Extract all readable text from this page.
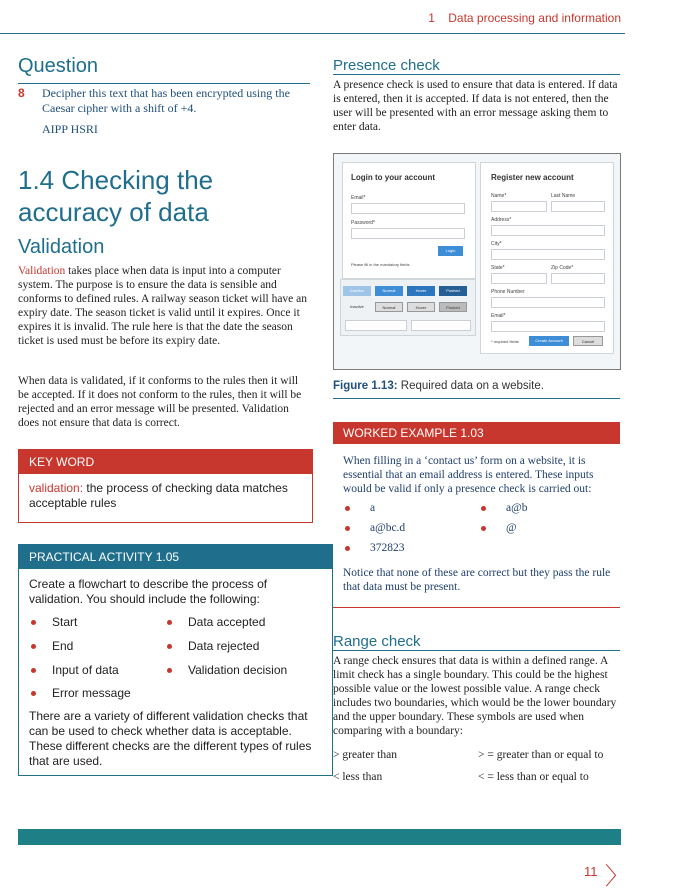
1 Data processing and information
Question
8 Decipher this text that has been encrypted using the Caesar cipher with a shift of +4.
AIPP HSRI
1.4 Checking the accuracy of data
Validation
Validation takes place when data is input into a computer system. The purpose is to ensure the data is sensible and conforms to defined rules. A railway season ticket will have an expiry date. The season ticket is valid until it expires. Once it expires it is invalid. The rule here is that the date the season ticket is used must be before its expiry date.
When data is validated, if it conforms to the rules then it will be accepted. If it does not conform to the rules, then it will be rejected and an error message will be presented. Validation does not ensure that data is correct.
KEY WORD
validation: the process of checking data matches acceptable rules
PRACTICAL ACTIVITY 1.05
Create a flowchart to describe the process of validation. You should include the following:
Start
End
Input of data
Error message
Data accepted
Data rejected
Validation decision
There are a variety of different validation checks that can be used to check whether data is acceptable. These different checks are the different types of rules that are used.
Presence check
A presence check is used to ensure that data is entered. If data is entered, then it is accepted. If data is not entered, then the user will be presented with an error message asking them to enter data.
Login to your account
Email*
Password*
Login
Please fill in the mandatory fields
Inactive	Normal	Hover	Pushed
Inactive	Normal	Hover	Pushed
Register new account
Name*	Last Name
Address*
City*
State*	Zip Code*
Phone Number
Email*
* required fields	Create Account	Cancel
Figure 1.13: Required data on a website.
WORKED EXAMPLE 1.03
When filling in a ‘contact us’ form on a website, it is essential that an email address is entered. These inputs would be valid if only a presence check is carried out:
a
a@bc.d
372823
a@b
@
Notice that none of these are correct but they pass the rule that data must be present.
Range check
A range check ensures that data is within a defined range. A limit check has a single boundary. This could be the highest possible value or the lowest possible value. A range check includes two boundaries, which would be the lower boundary and the upper boundary. These symbols are used when comparing with a boundary:
> greater than	> = greater than or equal to
< less than	< = less than or equal to
11 〉
